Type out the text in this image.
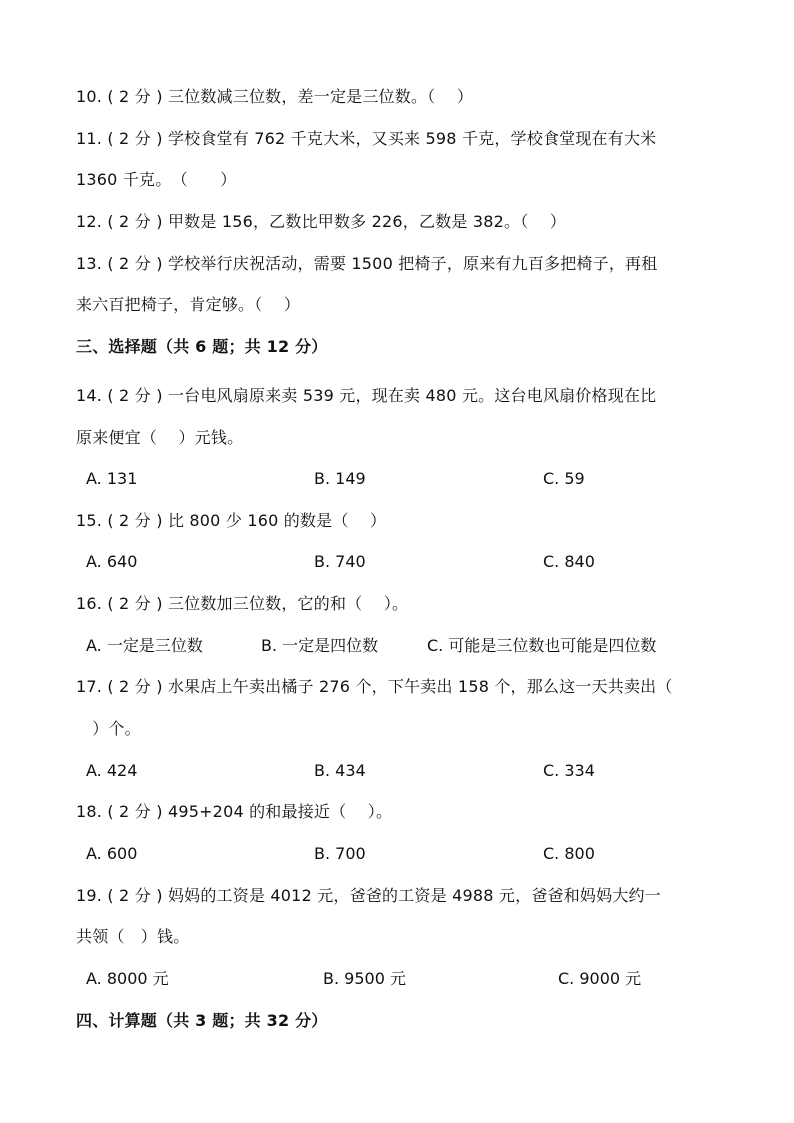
10. ( 2 分 ) 三位数减三位数，差一定是三位数。（　 ）
11. ( 2 分 ) 学校食堂有 762 千克大米，又买来 598 千克，学校食堂现在有大米
1360 千克。　（　　）
12. ( 2 分 ) 甲数是 156，乙数比甲数多 226，乙数是 382。（　 ）
13. ( 2 分 ) 学校举行庆祝活动，需要 1500 把椅子，原来有九百多把椅子，再租
来六百把椅子，肯定够。（　 ）
三、选择题（共 6 题；共 12 分）
14. ( 2 分 ) 一台电风扇原来卖 539 元，现在卖 480 元。这台电风扇价格现在比
原来便宜（　 ）元钱。
A. 131	B. 149	C. 59
15. ( 2 分 ) 比 800 少 160 的数是（　 ）
A. 640	B. 740	C. 840
16. ( 2 分 ) 三位数加三位数，它的和（　 ）。
A. 一定是三位数	B. 一定是四位数	C. 可能是三位数也可能是四位数
17. ( 2 分 ) 水果店上午卖出橘子 276 个，下午卖出 158 个，那么这一天共卖出（
　）个。
A. 424	B. 434	C. 334
18. ( 2 分 ) 495+204 的和最接近（　 ）。
A. 600	B. 700	C. 800
19. ( 2 分 ) 妈妈的工资是 4012 元，爸爸的工资是 4988 元，爸爸和妈妈大约一
共领（　）钱。
A. 8000 元	B. 9500 元	C. 9000 元
四、计算题（共 3 题；共 32 分）
